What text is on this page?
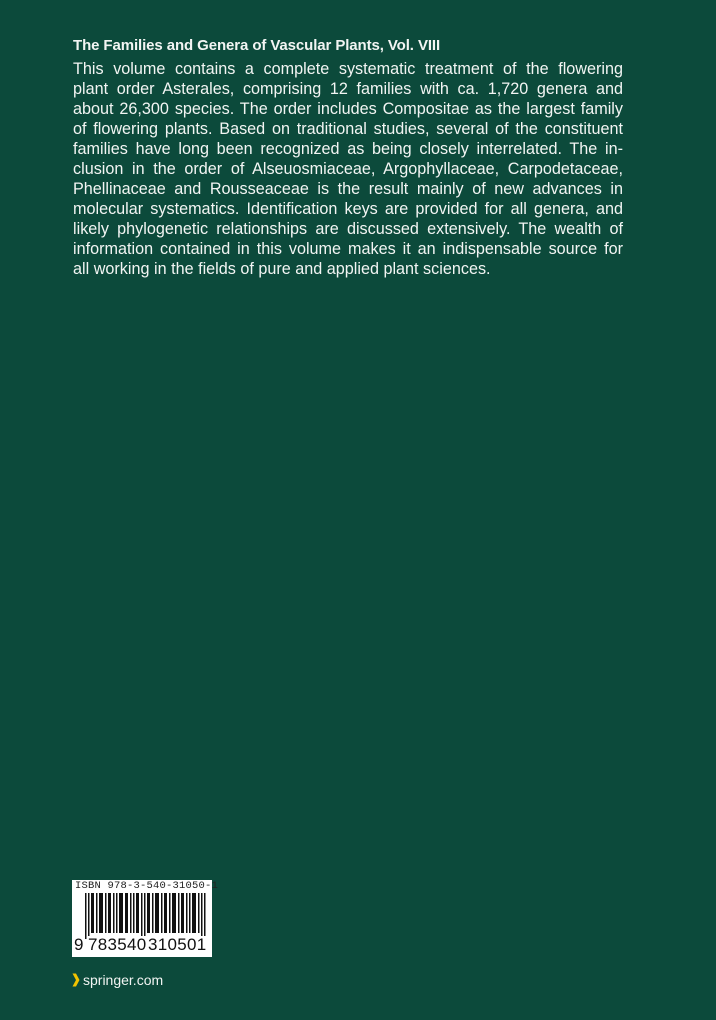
The Families and Genera of Vascular Plants, Vol. VIII
This volume contains a complete systematic treatment of the flowering
plant order Asterales, comprising 12 families with ca. 1,720 genera and
about 26,300 species. The order includes Compositae as the largest family
of flowering plants. Based on traditional studies, several of the constituent
families have long been recognized as being closely interrelated. The in-
clusion in the order of Alseuosmiaceae, Argophyllaceae, Carpodetaceae,
Phellinaceae and Rousseaceae is the result mainly of new advances in
molecular systematics. Identification keys are provided for all genera, and
likely phylogenetic relationships are discussed extensively. The wealth of
information contained in this volume makes it an indispensable source for
all working in the fields of pure and applied plant sciences.
ISBN 978-3-540-31050-1
9 783540 310501
springer.com
